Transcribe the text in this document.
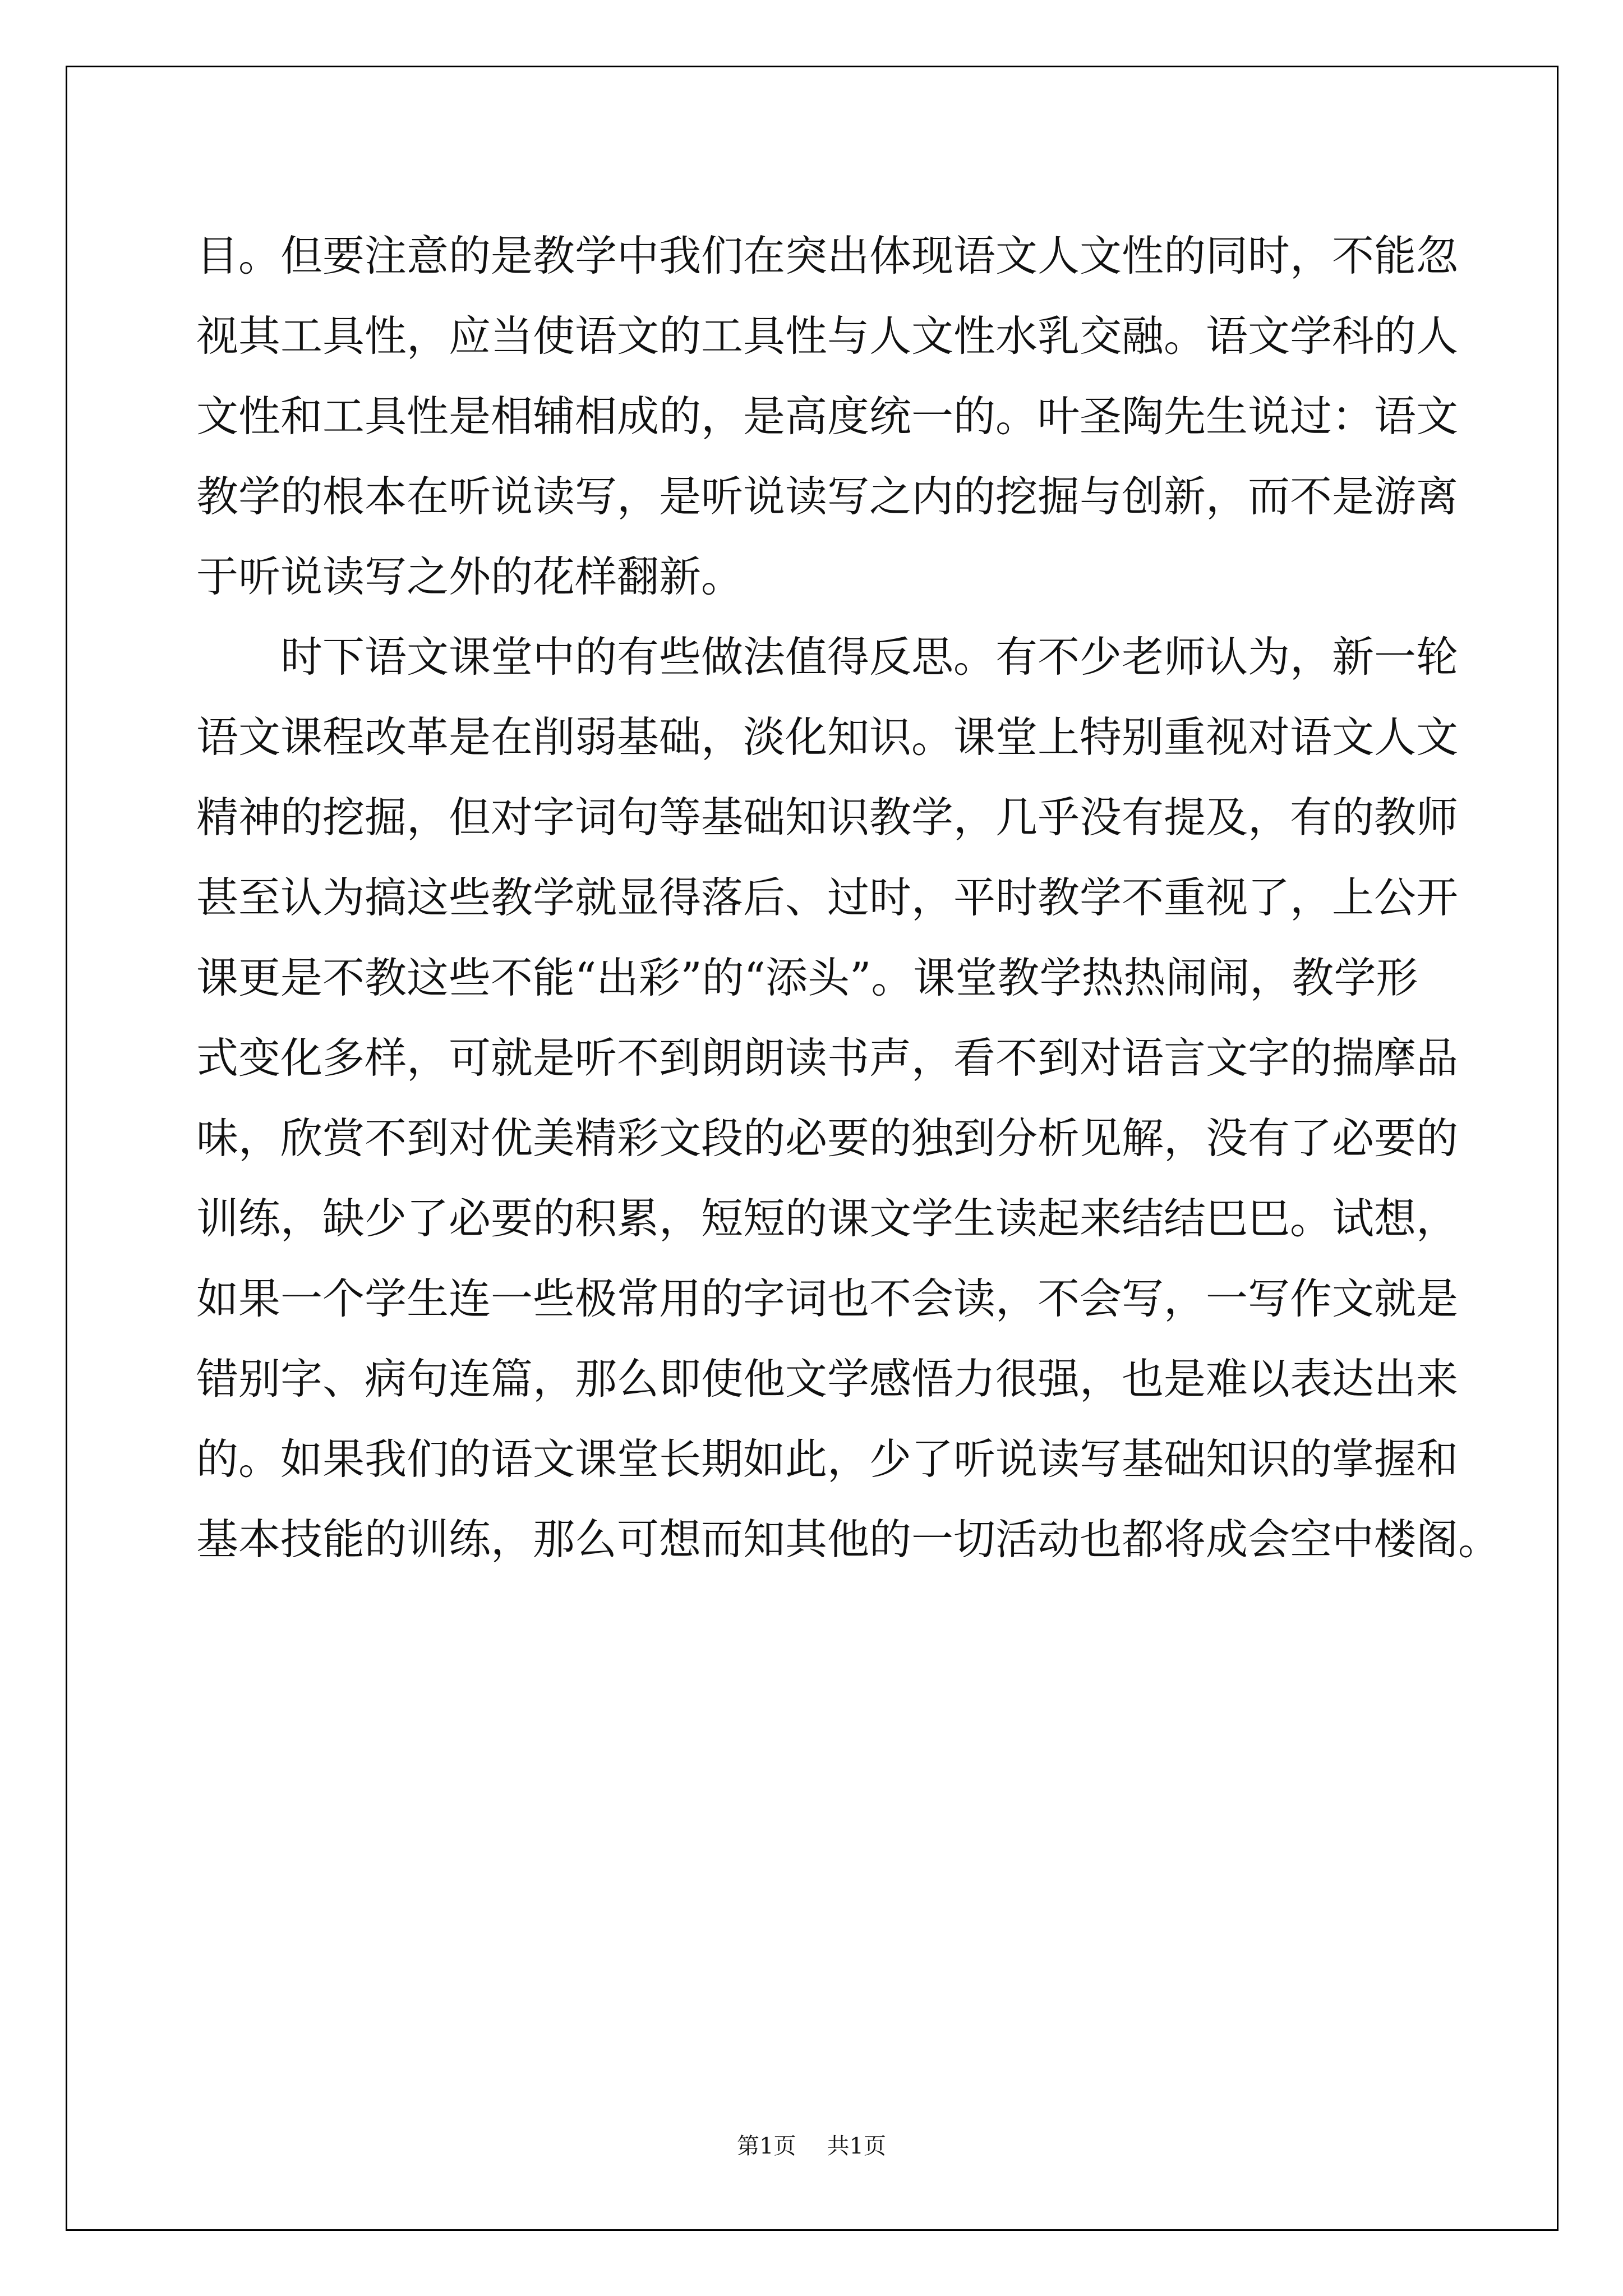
目。但要注意的是教学中我们在突出体现语文人文性的同时，不能忽
视其工具性，应当使语文的工具性与人文性水乳交融。语文学科的人
文性和工具性是相辅相成的，是高度统一的。叶圣陶先生说过：语文
教学的根本在听说读写，是听说读写之内的挖掘与创新，而不是游离
于听说读写之外的花样翻新。
时下语文课堂中的有些做法值得反思。有不少老师认为，新一轮
语文课程改革是在削弱基础，淡化知识。课堂上特别重视对语文人文
精神的挖掘，但对字词句等基础知识教学，几乎没有提及，有的教师
甚至认为搞这些教学就显得落后、过时，平时教学不重视了，上公开
课更是不教这些不能“出彩”的“添头”。课堂教学热热闹闹，教学形
式变化多样，可就是听不到朗朗读书声，看不到对语言文字的揣摩品
味，欣赏不到对优美精彩文段的必要的独到分析见解，没有了必要的
训练，缺少了必要的积累，短短的课文学生读起来结结巴巴。试想，
如果一个学生连一些极常用的字词也不会读，不会写，一写作文就是
错别字、病句连篇，那么即使他文学感悟力很强，也是难以表达出来
的。如果我们的语文课堂长期如此，少了听说读写基础知识的掌握和
基本技能的训练，那么可想而知其他的一切活动也都将成会空中楼阁。
第1页 共1页
